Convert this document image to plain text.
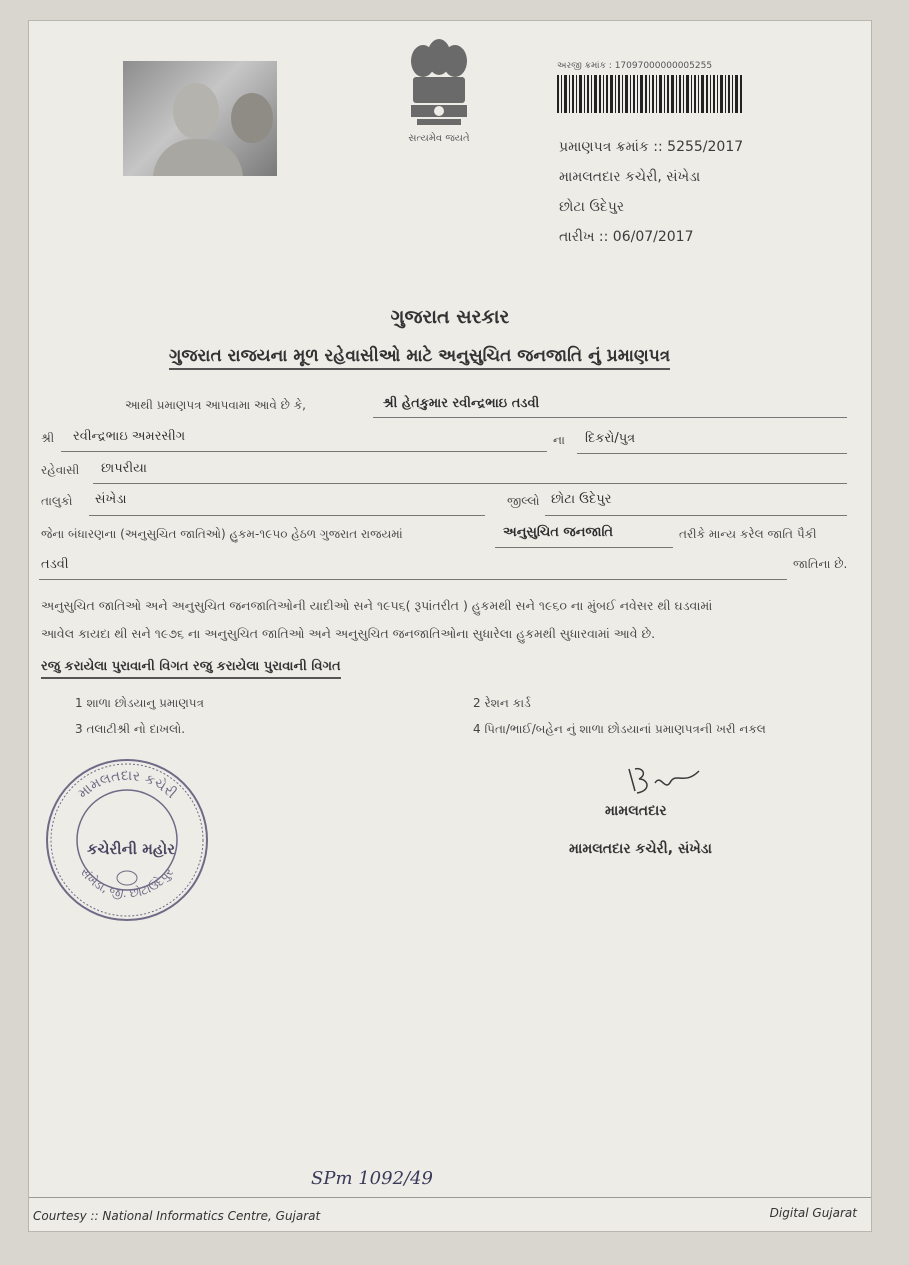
સત્યમેવ જયતે
અરજી ક્રમાંક : 17097000000005255
પ્રમાણપત્ર ક્રમાંક :: 5255/2017
મામલતદાર કચેરી, સંખેડા
છોટા ઉદેપુર
તારીખ :: 06/07/2017
ગુજરાત સરકાર
ગુજરાત રાજયના મૂળ રહેવાસીઓ માટે અનુસુચિત જનજાતિ નું પ્રમાણપત્ર
આથી પ્રમાણપત્ર આપવામા આવે છે કે,	શ્રી હેતકુમાર રવીન્દ્રભાઇ તડવી
શ્રી રવીન્દ્રભાઇ અમરસીગ	ના દિકરો/પુત્ર
રહેવાસી છાપરીયા
તાલુકો સંખેડા	જીલ્લો છોટા ઉદેપુર
જેના બંધારણના (અનુસુચિત જાતિઓ) હુકમ-૧૯૫૦ હેઠળ ગુજરાત રાજયમાં	અનુસુચિત જનજાતિ	તરીકે માન્ય કરેલ જાતિ પૈકી
તડવી	જાતિના છે.
અનુસુચિત જાતિઓ અને અનુસુચિત જનજાતિઓની યાદીઓ સને ૧૯૫૬( રૂપાંતરીત ) હુકમથી સને ૧૯૬૦ ના મુંબઈ નવેસર થી ઘડવામાં
આવેલ કાયદા થી સને ૧૯૭૬ ના અનુસુચિત જાતિઓ અને અનુસુચિત જનજાતિઓના સુધારેલા હુકમથી સુધારવામાં આવે છે.
રજુ કરાયેલા પુરાવાની વિગત રજુ કરાયેલા પુરાવાની વિગત
1 શાળા છોડયાનુ પ્રમાણપત્ર	2 રેશન કાર્ડ
3 તલાટીશ્રી નો દાખલો.	4 પિતા/ભાઈ/બહેન નું શાળા છોડયાનાં પ્રમાણપત્રની ખરી નકલ
મામલતદાર કચેરી
સંખેડા, જી. છોટાઉદેપુર
કચેરીની મહોર
મામલતદાર
મામલતદાર કચેરી, સંખેડા
SPm 1092/49
Courtesy :: National Informatics Centre, Gujarat	Digital Gujarat
